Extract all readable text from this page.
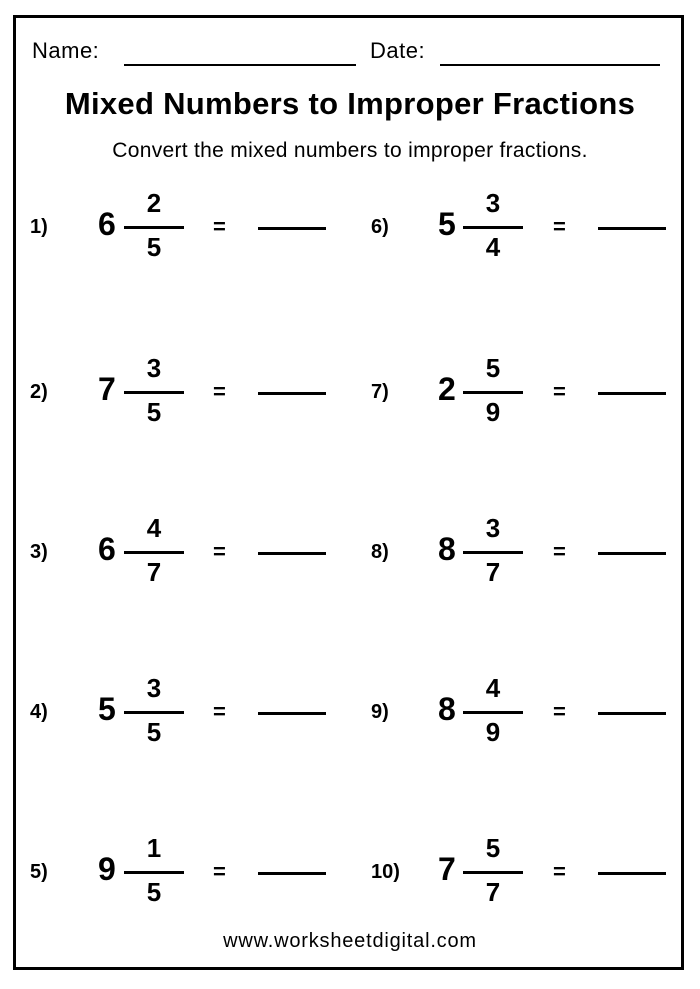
Name:	Date:
Mixed Numbers to Improper Fractions
Convert the mixed numbers to improper fractions.
1) 6
2
5
=
2) 7
3
5
=
3) 6
4
7
=
4) 5
3
5
=
5) 9
1
5
=
6) 5
3
4
=
7) 2
5
9
=
8) 8
3
7
=
9) 8
4
9
=
10) 7
5
7
=
www.worksheetdigital.com
